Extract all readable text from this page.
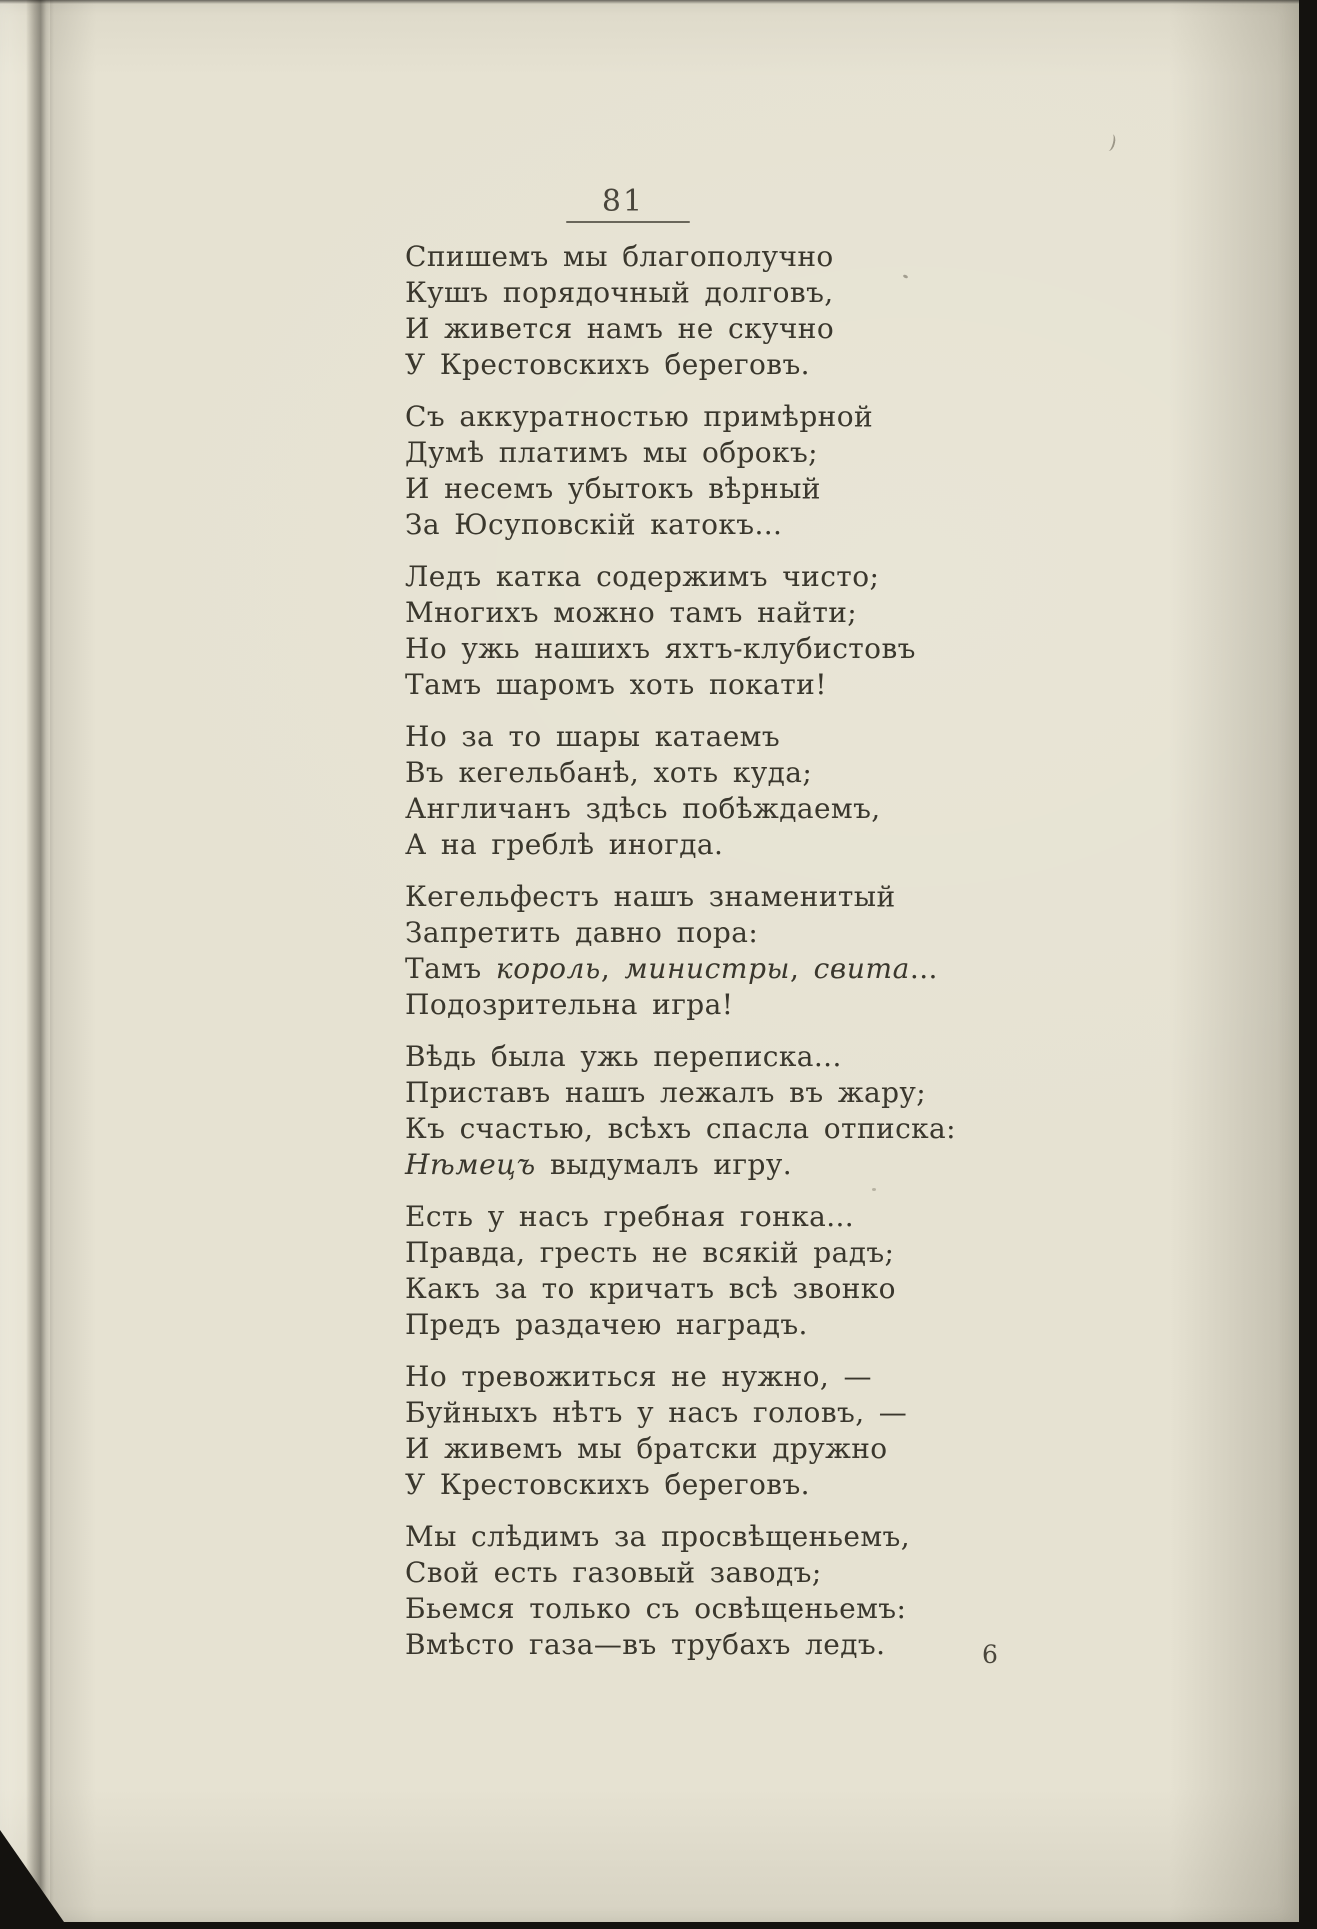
81
Спишемъ мы благополучно
Кушъ порядочный долговъ,
И живется намъ не скучно
У Крестовскихъ береговъ.
Съ аккуратностью примѣрной
Думѣ платимъ мы оброкъ;
И несемъ убытокъ вѣрный
За Юсуповскій катокъ...
Ледъ катка содержимъ чисто;
Многихъ можно тамъ найти;
Но ужь нашихъ яхтъ-клубистовъ
Тамъ шаромъ хоть покати!
Но за то шары катаемъ
Въ кегельбанѣ, хоть куда;
Англичанъ здѣсь побѣждаемъ,
А на греблѣ иногда.
Кегельфестъ нашъ знаменитый
Запретить давно пора:
Тамъ король, министры, свита...
Подозрительна игра!
Вѣдь была ужь переписка...
Приставъ нашъ лежалъ въ жару;
Къ счастью, всѣхъ спасла отписка:
Нѣмецъ выдумалъ игру.
Есть у насъ гребная гонка...
Правда, гресть не всякій радъ;
Какъ за то кричатъ всѣ звонко
Предъ раздачею наградъ.
Но тревожиться не нужно, —
Буйныхъ нѣтъ у насъ головъ, —
И живемъ мы братски дружно
У Крестовскихъ береговъ.
Мы слѣдимъ за просвѣщеньемъ,
Свой есть газовый заводъ;
Бьемся только съ освѣщеньемъ:
Вмѣсто газа—въ трубахъ ледъ.	6
